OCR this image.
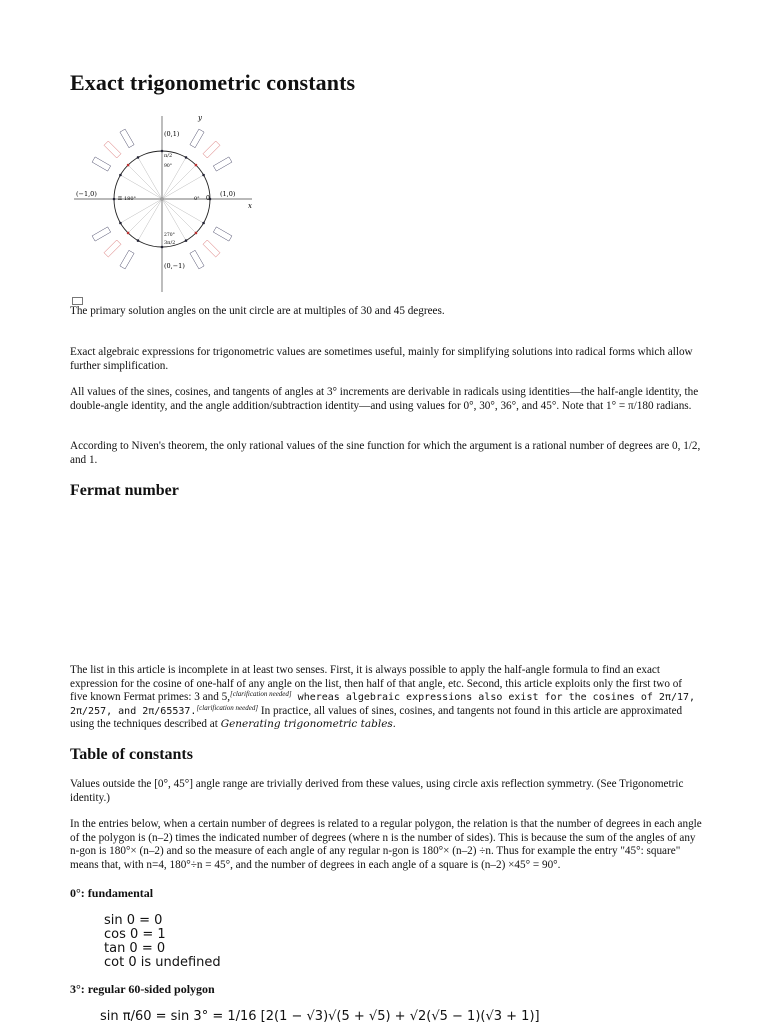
Exact trigonometric constants
y
x
(0,1)
(−1,0)	(1,0)
(0,−1)
π 180°	0° 0
π/2
90°
270°
3π/2

The primary solution angles on the unit circle are at multiples of 30 and 45 degrees.

Exact algebraic expressions for trigonometric values are sometimes useful, mainly for simplifying solutions into radical forms which allow further simplification.

All values of the sines, cosines, and tangents of angles at 3° increments are derivable in radicals using identities—the half-angle identity, the double-angle identity, and the angle addition/subtraction identity—and using values for 0°, 30°, 36°, and 45°. Note that 1° = π/180 radians.

According to Niven's theorem, the only rational values of the sine function for which the argument is a rational number of degrees are 0, 1/2, and 1.

Fermat number

The list in this article is incomplete in at least two senses. First, it is always possible to apply the half-angle formula to find an exact expression for the cosine of one-half of any angle on the list, then half of that angle, etc. Second, this article exploits only the first two of five known Fermat primes: 3 and 5,[clarification needed] whereas algebraic expressions also exist for the cosines of 2π/17, 2π/257, and 2π/65537.[clarification needed] In practice, all values of sines, cosines, and tangents not found in this article are approximated using the techniques described at Generating trigonometric tables.

Table of constants

Values outside the [0°, 45°] angle range are trivially derived from these values, using circle axis reflection symmetry. (See Trigonometric identity.)

In the entries below, when a certain number of degrees is related to a regular polygon, the relation is that the number of degrees in each angle of the polygon is (n–2) times the indicated number of degrees (where n is the number of sides). This is because the sum of the angles of any n-gon is 180°× (n–2) and so the measure of each angle of any regular n-gon is 180°× (n–2) ÷n. Thus for example the entry "45°: square" means that, with n=4, 180°÷n = 45°, and the number of degrees in each angle of a square is (n–2) ×45° = 90°.

0°: fundamental
sin 0 = 0
cos 0 = 1
tan 0 = 0
cot 0 is undefined
3°: regular 60-sided polygon
sin π/60 = sin 3° = 1/16 [2(1 − √3)√(5 + √5) + √2(√5 − 1)(√3 + 1)]
